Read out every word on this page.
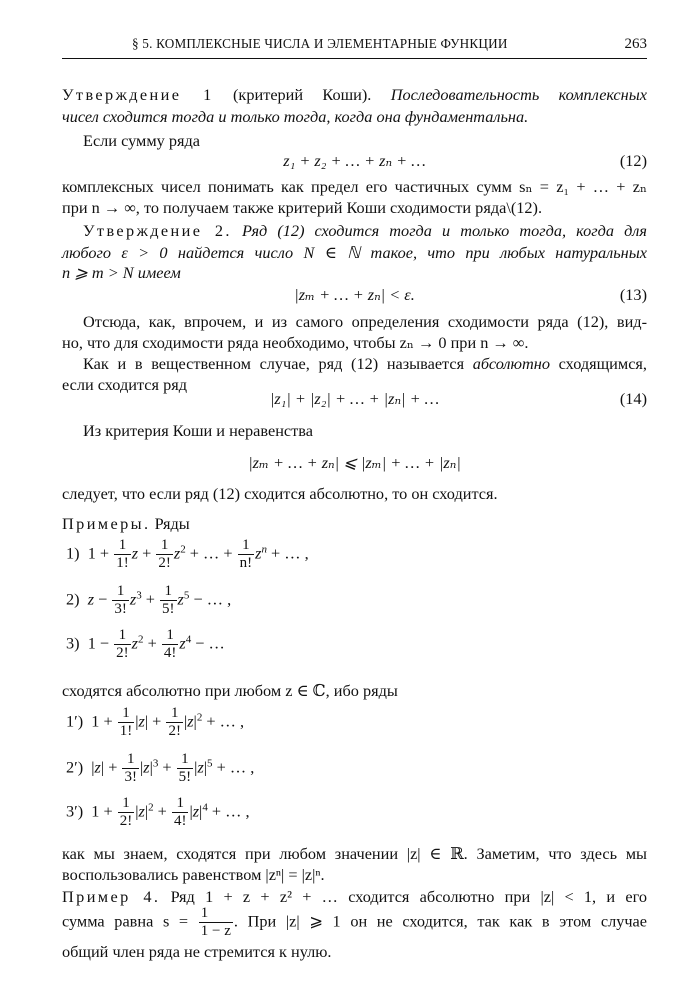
§ 5. КОМПЛЕКСНЫЕ ЧИСЛА И ЭЛЕМЕНТАРНЫЕ ФУНКЦИИ	263
Утверждение 1 (критерий Коши). Последовательность комплексных
чисел сходится тогда и только тогда, когда она фундаментальна.
Если сумму ряда
z₁ + z₂ + … + zₙ + …	(12)
комплексных чисел понимать как предел его частичных сумм sₙ = z₁ + … + zₙ
при n → ∞, то получаем также критерий Коши сходимости ряда\(12).
Утверждение 2. Ряд (12) сходится тогда и только тогда, когда для
любого ε > 0 найдется число N ∈ ℕ такое, что при любых натуральных
n ⩾ m > N имеем
|zₘ + … + zₙ| < ε.	(13)
Отсюда, как, впрочем, и из самого определения сходимости ряда (12), вид-
но, что для сходимости ряда необходимо, чтобы zₙ → 0 при n → ∞.
Как и в вещественном случае, ряд (12) называется абсолютно сходящимся,
если сходится ряд
|z₁| + |z₂| + … + |zₙ| + …	(14)
Из критерия Коши и неравенства
|zₘ + … + zₙ| ⩽ |zₘ| + … + |zₙ|
следует, что если ряд (12) сходится абсолютно, то он сходится.
Примеры. Ряды
1) $1 + \frac{1}{1!}$ $z + \frac{1}{2!} z^2$ + … + $\frac{1}{n!} z^n$ + … ,
2) $z - \frac{1}{3!} z^3 + \frac{1}{5!} z^5$ − … ,
3)  $1 - \frac{1}{2!} z^2 + \frac{1}{4!} z^4$ − …
сходятся абсолютно при любом z ∈ ℂ, ибо ряды
1′)  $1 + \frac{1}{1!} |z| + \frac{1}{2!} |z|^2$ + … ,
2′)  $|z| + \frac{1}{3!} |z|^3 + \frac{1}{5!} |z|^5$ + … ,
3′)  $1 + \frac{1}{2!} |z|^2 + \frac{1}{4!} |z|^4$ + … ,
как мы знаем, сходятся при любом значении |z| ∈ ℝ. Заметим, что здесь мы
воспользовались равенством |zⁿ| = |z|ⁿ.
Пример 4. Ряд 1 + z + z² + … сходится абсолютно при |z| < 1, и его
сумма равна $s = \frac{1}{1 - z}$ . При |z| ⩾ 1 он не сходится, так как в этом случае
общий член ряда не стремится к нулю.
